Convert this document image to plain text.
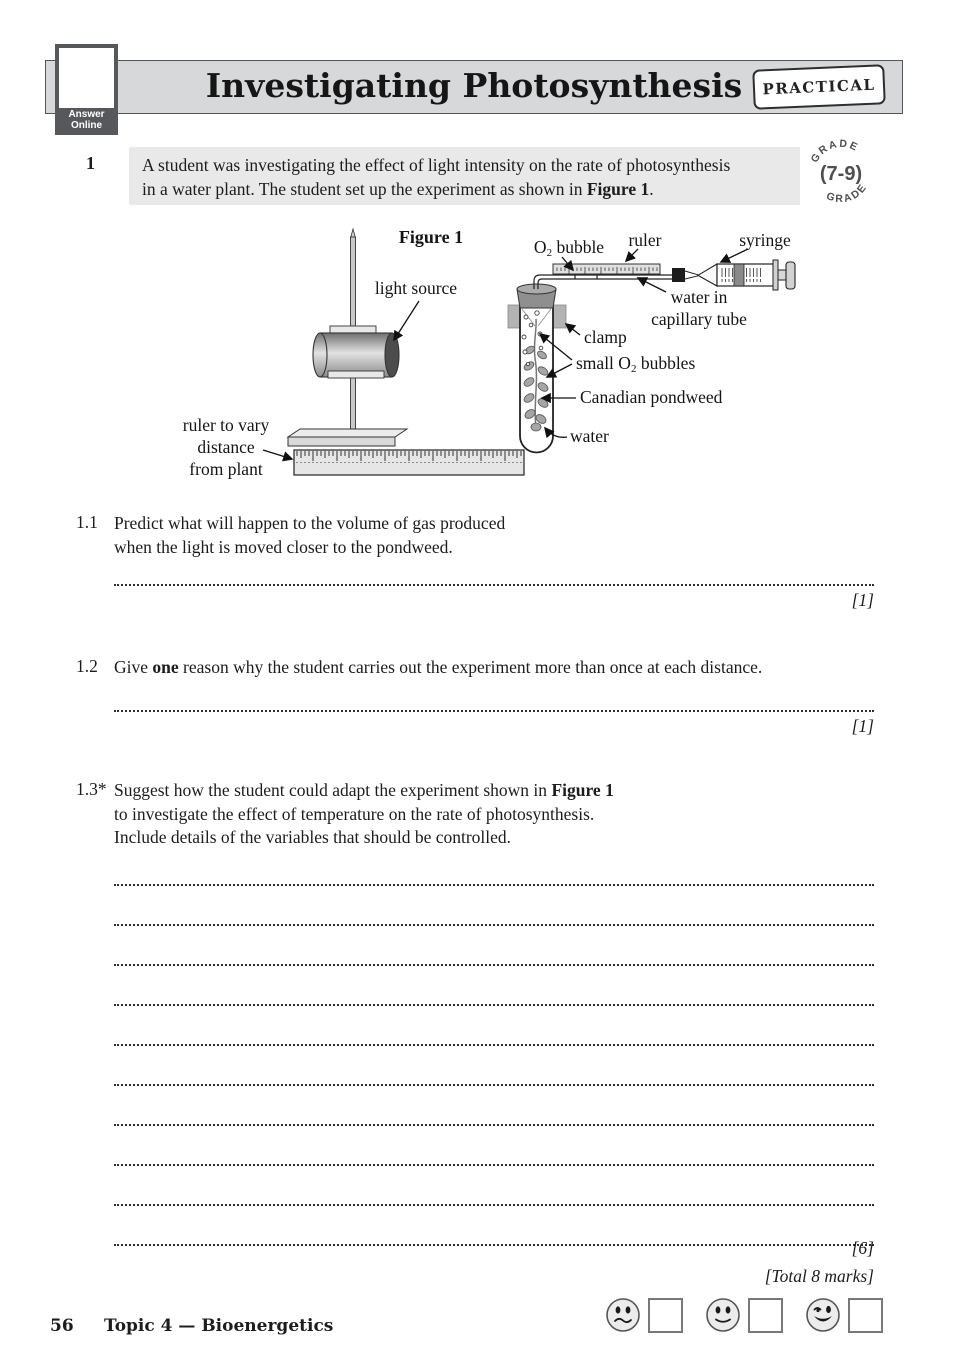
Investigating Photosynthesis	PRACTICAL
Answer
Online
1	A student was investigating the effect of light intensity on the rate of photosynthesis
in a water plant. The student set up the experiment as shown in Figure 1.
GRADE
GRADE
(7-9)
Figure 1	O2 bubble ruler	syringe
light source	water in
capillary tube
clamp
small O2 bubbles
Canadian pondweed
water
ruler to vary
distance
from plant
1.1 Predict what will happen to the volume of gas produced
when the light is moved closer to the pondweed.
[1]
1.2 Give one reason why the student carries out the experiment more than once at each distance.
[1]
1.3* Suggest how the student could adapt the experiment shown in Figure 1
to investigate the effect of temperature on the rate of photosynthesis.
Include details of the variables that should be controlled.
[6]
[Total 8 marks]
56 Topic 4 — Bioenergetics
